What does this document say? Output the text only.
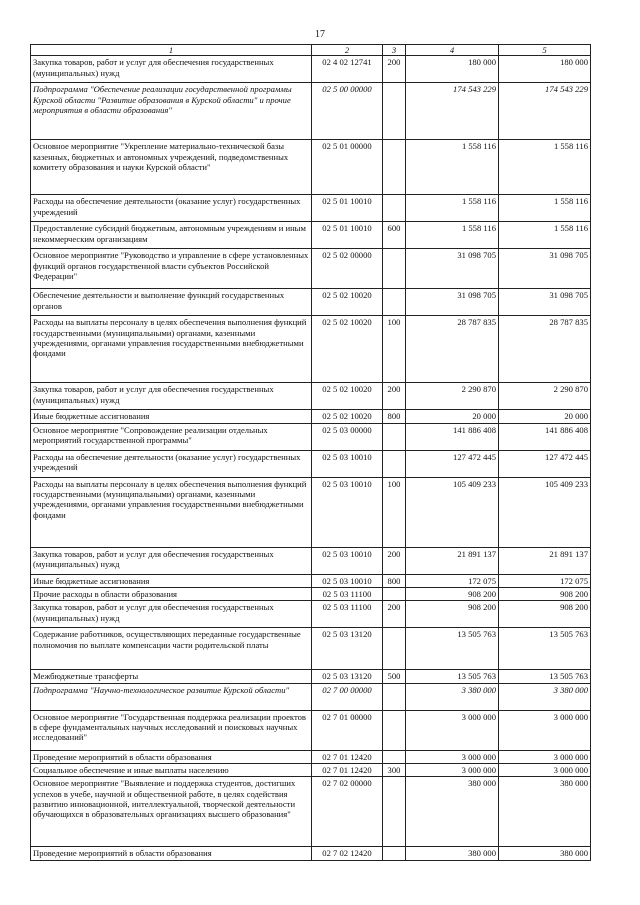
17
1	2	3	4	5
Закупка товаров, работ и услуг для обеспечения государственных (муниципальных) нужд	02 4 02 12741	200	180 000	180 000
Подпрограмма "Обеспечение реализации государственной программы Курской области "Развитие образования в Курской области" и прочие мероприятия в области образования"	02 5 00 00000		174 543 229	174 543 229
Основное мероприятие "Укрепление материально-технической базы казенных, бюджетных и автономных учреждений, подведомственных комитету образования и науки Курской области"	02 5 01 00000		1 558 116	1 558 116
Расходы на обеспечение деятельности (оказание услуг) государственных учреждений	02 5 01 10010		1 558 116	1 558 116
Предоставление субсидий бюджетным, автономным учреждениям и иным некоммерческим организациям	02 5 01 10010	600	1 558 116	1 558 116
Основное мероприятие "Руководство и управление в сфере установленных функций органов государственной власти субъектов Российской Федерации"	02 5 02 00000		31 098 705	31 098 705
Обеспечение деятельности и выполнение функций государственных органов	02 5 02 10020		31 098 705	31 098 705
Расходы на выплаты персоналу в целях обеспечения выполнения функций государственными (муниципальными) органами, казенными учреждениями, органами управления государственными внебюджетными фондами	02 5 02 10020	100	28 787 835	28 787 835
Закупка товаров, работ и услуг для обеспечения государственных (муниципальных) нужд	02 5 02 10020	200	2 290 870	2 290 870
Иные бюджетные ассигнования	02 5 02 10020	800	20 000	20 000
Основное мероприятие "Сопровождение реализации отдельных мероприятий государственной программы"	02 5 03 00000		141 886 408	141 886 408
Расходы на обеспечение деятельности (оказание услуг) государственных учреждений	02 5 03 10010		127 472 445	127 472 445
Расходы на выплаты персоналу в целях обеспечения выполнения функций государственными (муниципальными) органами, казенными учреждениями, органами управления государственными внебюджетными фондами	02 5 03 10010	100	105 409 233	105 409 233
Закупка товаров, работ и услуг для обеспечения государственных (муниципальных) нужд	02 5 03 10010	200	21 891 137	21 891 137
Иные бюджетные ассигнования	02 5 03 10010	800	172 075	172 075
Прочие расходы в области образования	02 5 03 11100		908 200	908 200
Закупка товаров, работ и услуг для обеспечения государственных (муниципальных) нужд	02 5 03 11100	200	908 200	908 200
Содержание работников, осуществляющих переданные государственные полномочия по выплате компенсации части родительской платы	02 5 03 13120		13 505 763	13 505 763
Межбюджетные трансферты	02 5 03 13120	500	13 505 763	13 505 763
Подпрограмма "Научно-технологическое развитие Курской области"	02 7 00 00000		3 380 000	3 380 000
Основное мероприятие "Государственная поддержка реализации проектов в сфере фундаментальных научных исследований и поисковых научных исследований"	02 7 01 00000		3 000 000	3 000 000
Проведение мероприятий в области образования	02 7 01 12420		3 000 000	3 000 000
Социальное обеспечение и иные выплаты населению	02 7 01 12420	300	3 000 000	3 000 000
Основное мероприятие "Выявление и поддержка студентов, достигших успехов в учебе, научной и общественной работе, в целях содействия развитию инновационной, интеллектуальной, творческой деятельности обучающихся в образовательных организациях высшего образования"	02 7 02 00000		380 000	380 000
Проведение мероприятий в области образования	02 7 02 12420		380 000	380 000
